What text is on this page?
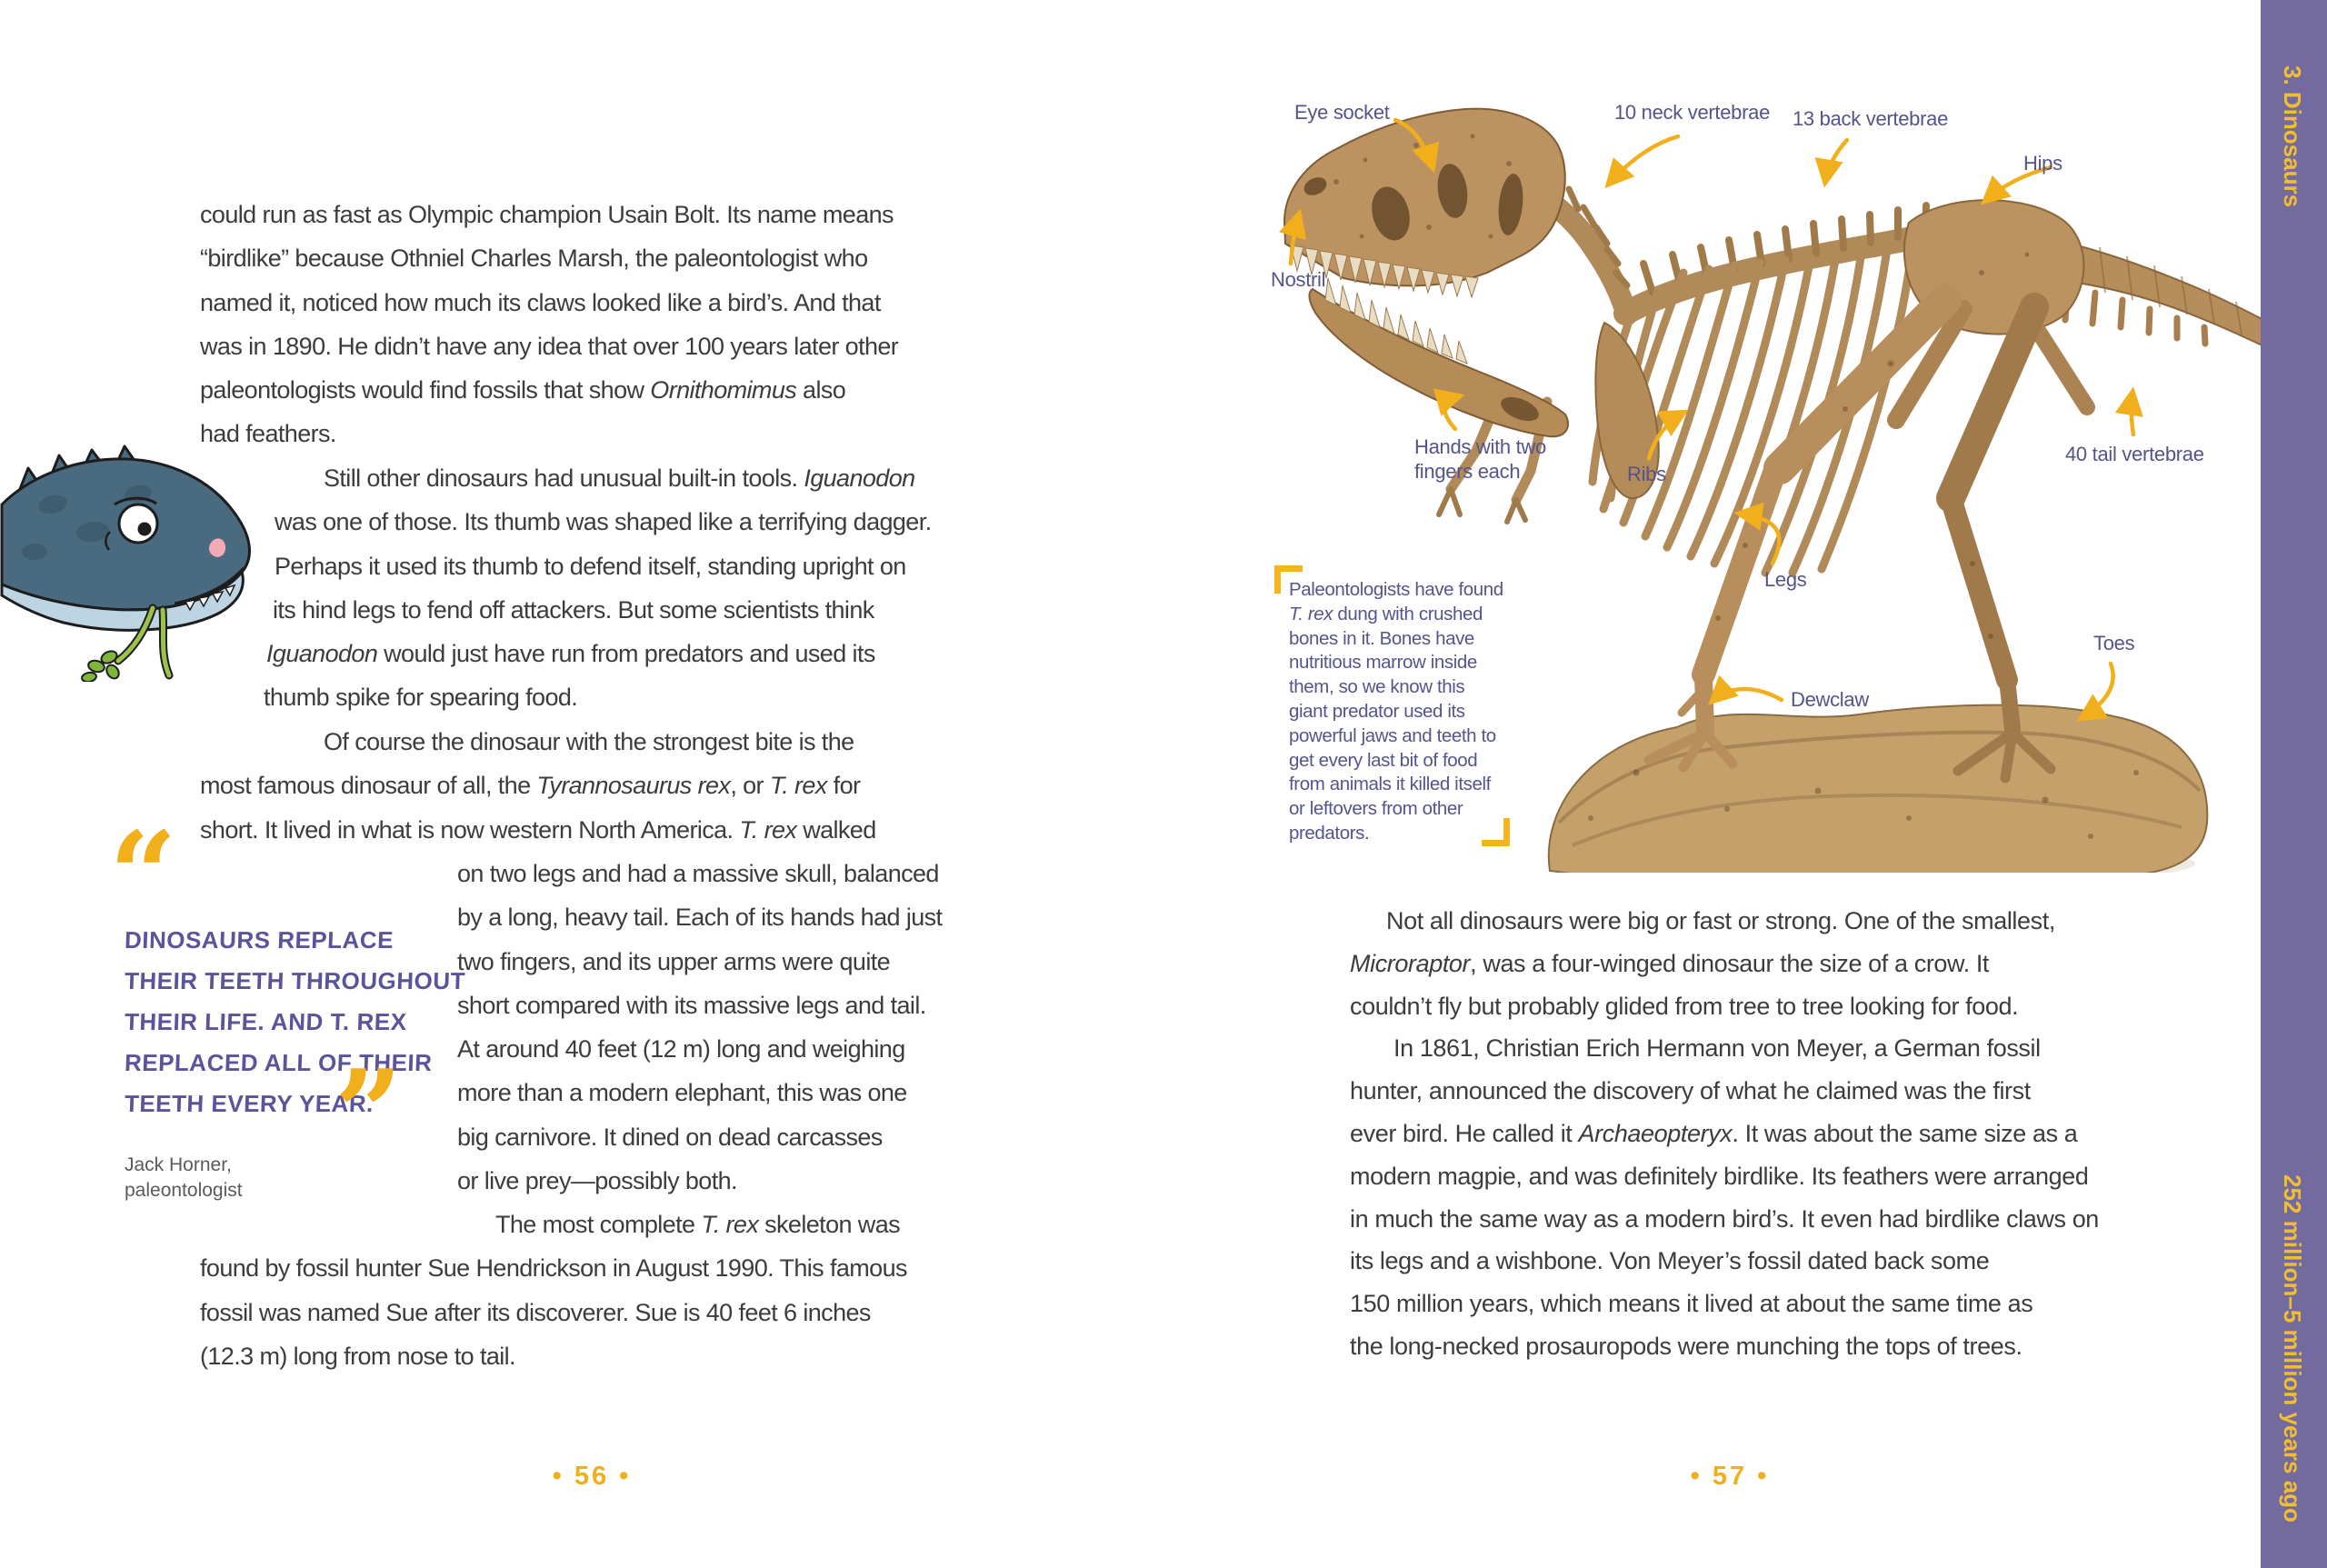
could run as fast as Olympic champion Usain Bolt. Its name means
“birdlike” because Othniel Charles Marsh, the paleontologist who
named it, noticed how much its claws looked like a bird’s. And that
was in 1890. He didn’t have any idea that over 100 years later other
paleontologists would find fossils that show Ornithomimus also
had feathers.
Still other dinosaurs had unusual built-in tools. Iguanodon
was one of those. Its thumb was shaped like a terrifying dagger.
Perhaps it used its thumb to defend itself, standing upright on
its hind legs to fend off attackers. But some scientists think
Iguanodon would just have run from predators and used its
thumb spike for spearing food.
Of course the dinosaur with the strongest bite is the
most famous dinosaur of all, the Tyrannosaurus rex, or T. rex for
short. It lived in what is now western North America. T. rex walked
on two legs and had a massive skull, balanced
by a long, heavy tail. Each of its hands had just
two fingers, and its upper arms were quite
short compared with its massive legs and tail.
At around 40 feet (12 m) long and weighing
more than a modern elephant, this was one
big carnivore. It dined on dead carcasses
or live prey—possibly both.
The most complete T. rex skeleton was
found by fossil hunter Sue Hendrickson in August 1990. This famous
fossil was named Sue after its discoverer. Sue is 40 feet 6 inches
(12.3 m) long from nose to tail.
“
DINOSAURS REPLACE
THEIR TEETH THROUGHOUT
THEIR LIFE. AND T. REX
REPLACED ALL OF THEIR
TEETH EVERY YEAR.
”
Jack Horner,
paleontologist
• 56 •
Eye socket
Nostril
10 neck vertebrae 13 back vertebrae
Hips
Hands with two fingers each	Ribs
Legs
Dewclaw
Toes
40 tail vertebrae
Paleontologists have found
T. rex dung with crushed
bones in it. Bones have
nutritious marrow inside
them, so we know this
giant predator used its
powerful jaws and teeth to
get every last bit of food
from animals it killed itself
or leftovers from other
predators.
Not all dinosaurs were big or fast or strong. One of the smallest,
Microraptor, was a four-winged dinosaur the size of a crow. It
couldn’t fly but probably glided from tree to tree looking for food.
In 1861, Christian Erich Hermann von Meyer, a German fossil
hunter, announced the discovery of what he claimed was the first
ever bird. He called it Archaeopteryx. It was about the same size as a
modern magpie, and was definitely birdlike. Its feathers were arranged
in much the same way as a modern bird’s. It even had birdlike claws on
its legs and a wishbone. Von Meyer’s fossil dated back some
150 million years, which means it lived at about the same time as
the long-necked prosauropods were munching the tops of trees.
• 57 •
3. Dinosaurs
252 million–5 million years ago
